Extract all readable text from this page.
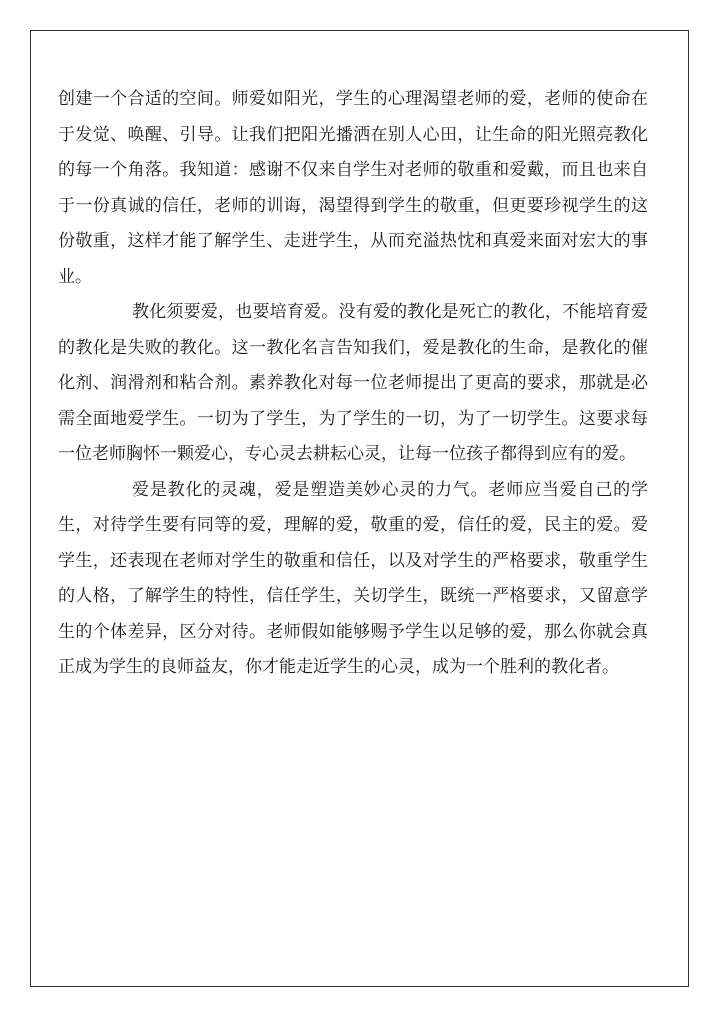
创建一个合适的空间。师爱如阳光，学生的心理渴望老师的爱，老师的使命在于发觉、唤醒、引导。让我们把阳光播洒在别人心田，让生命的阳光照亮教化的每一个角落。我知道：感谢不仅来自学生对老师的敬重和爱戴，而且也来自于一份真诚的信任，老师的训诲，渴望得到学生的敬重，但更要珍视学生的这份敬重，这样才能了解学生、走进学生，从而充溢热忱和真爱来面对宏大的事业。

教化须要爱，也要培育爱。没有爱的教化是死亡的教化，不能培育爱的教化是失败的教化。这一教化名言告知我们，爱是教化的生命，是教化的催化剂、润滑剂和粘合剂。素养教化对每一位老师提出了更高的要求，那就是必需全面地爱学生。一切为了学生，为了学生的一切，为了一切学生。这要求每一位老师胸怀一颗爱心，专心灵去耕耘心灵，让每一位孩子都得到应有的爱。

爱是教化的灵魂，爱是塑造美妙心灵的力气。老师应当爱自己的学生，对待学生要有同等的爱，理解的爱，敬重的爱，信任的爱，民主的爱。爱学生，还表现在老师对学生的敬重和信任，以及对学生的严格要求，敬重学生的人格，了解学生的特性，信任学生，关切学生，既统一严格要求，又留意学生的个体差异，区分对待。老师假如能够赐予学生以足够的爱，那么你就会真正成为学生的良师益友，你才能走近学生的心灵，成为一个胜利的教化者。
